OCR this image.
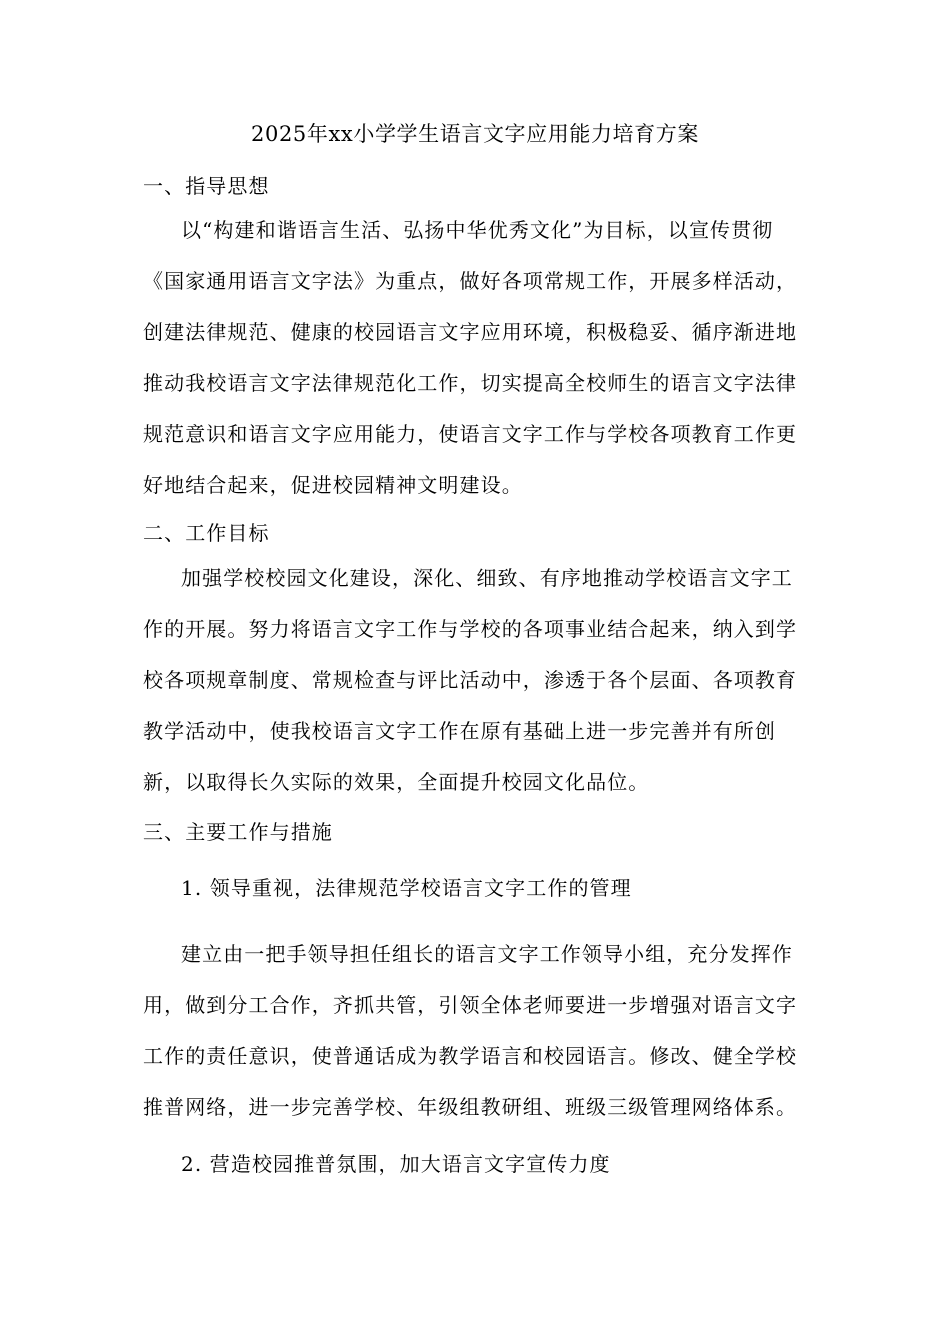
2025年xx小学学生语言文字应用能力培育方案
一、指导思想
以“构建和谐语言生活、弘扬中华优秀文化”为目标，以宣传贯彻
《国家通用语言文字法》为重点，做好各项常规工作，开展多样活动，
创建法律规范、健康的校园语言文字应用环境，积极稳妥、循序渐进地
推动我校语言文字法律规范化工作，切实提高全校师生的语言文字法律
规范意识和语言文字应用能力，使语言文字工作与学校各项教育工作更
好地结合起来，促进校园精神文明建设。
二、工作目标
加强学校校园文化建设，深化、细致、有序地推动学校语言文字工
作的开展。努力将语言文字工作与学校的各项事业结合起来，纳入到学
校各项规章制度、常规检查与评比活动中，渗透于各个层面、各项教育
教学活动中，使我校语言文字工作在原有基础上进一步完善并有所创
新，以取得长久实际的效果，全面提升校园文化品位。
三、主要工作与措施
1. 领导重视，法律规范学校语言文字工作的管理
建立由一把手领导担任组长的语言文字工作领导小组，充分发挥作
用，做到分工合作，齐抓共管，引领全体老师要进一步增强对语言文字
工作的责任意识，使普通话成为教学语言和校园语言。修改、健全学校
推普网络，进一步完善学校、年级组教研组、班级三级管理网络体系。
2. 营造校园推普氛围，加大语言文字宣传力度
